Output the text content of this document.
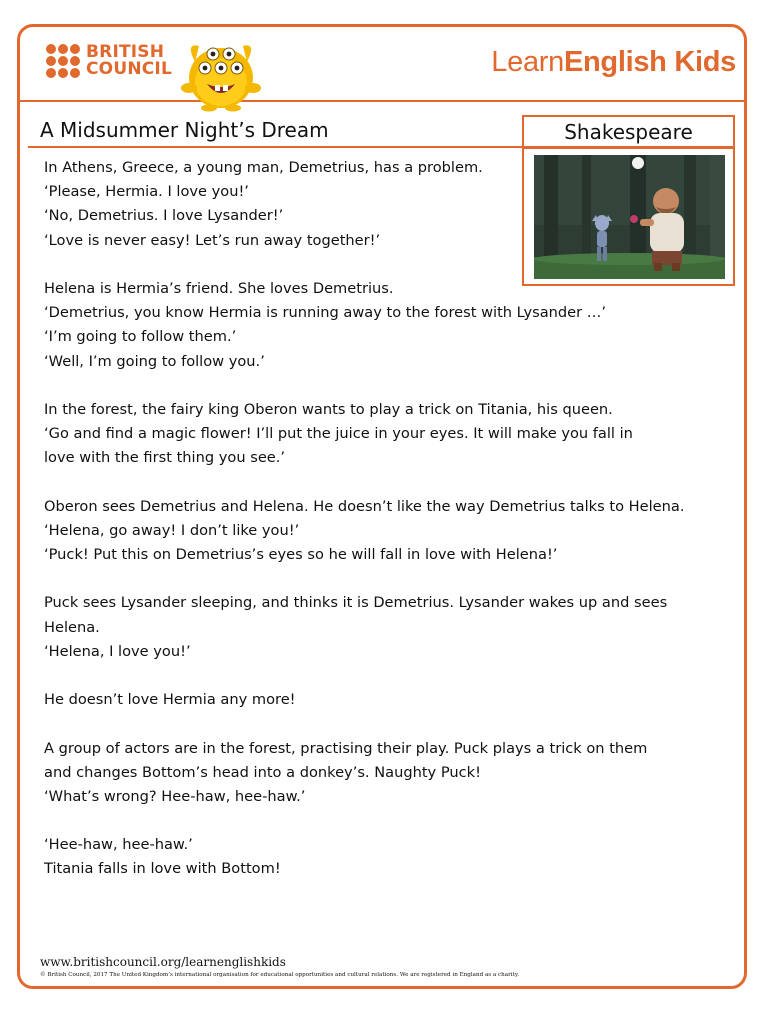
BRITISH
COUNCIL	LearnEnglish Kids
A Midsummer Night’s Dream	Shakespeare
In Athens, Greece, a young man, Demetrius, has a problem.
‘Please, Hermia. I love you!’
‘No, Demetrius. I love Lysander!’
‘Love is never easy! Let’s run away together!’
Helena is Hermia’s friend. She loves Demetrius.
‘Demetrius, you know Hermia is running away to the forest with Lysander …’
‘I’m going to follow them.’
‘Well, I’m going to follow you.’
In the forest, the fairy king Oberon wants to play a trick on Titania, his queen.
‘Go and find a magic flower! I’ll put the juice in your eyes. It will make you fall in
love with the first thing you see.’
Oberon sees Demetrius and Helena. He doesn’t like the way Demetrius talks to Helena.
‘Helena, go away! I don’t like you!’
‘Puck! Put this on Demetrius’s eyes so he will fall in love with Helena!’
Puck sees Lysander sleeping, and thinks it is Demetrius. Lysander wakes up and sees
Helena.
‘Helena, I love you!’
He doesn’t love Hermia any more!
A group of actors are in the forest, practising their play. Puck plays a trick on them
and changes Bottom’s head into a donkey’s. Naughty Puck!
‘What’s wrong? Hee-haw, hee-haw.’
‘Hee-haw, hee-haw.’
Titania falls in love with Bottom!
www.britishcouncil.org/learnenglishkids
© British Council, 2017 The United Kingdom’s international organisation for educational opportunities and cultural relations. We are registered in England as a charity.
